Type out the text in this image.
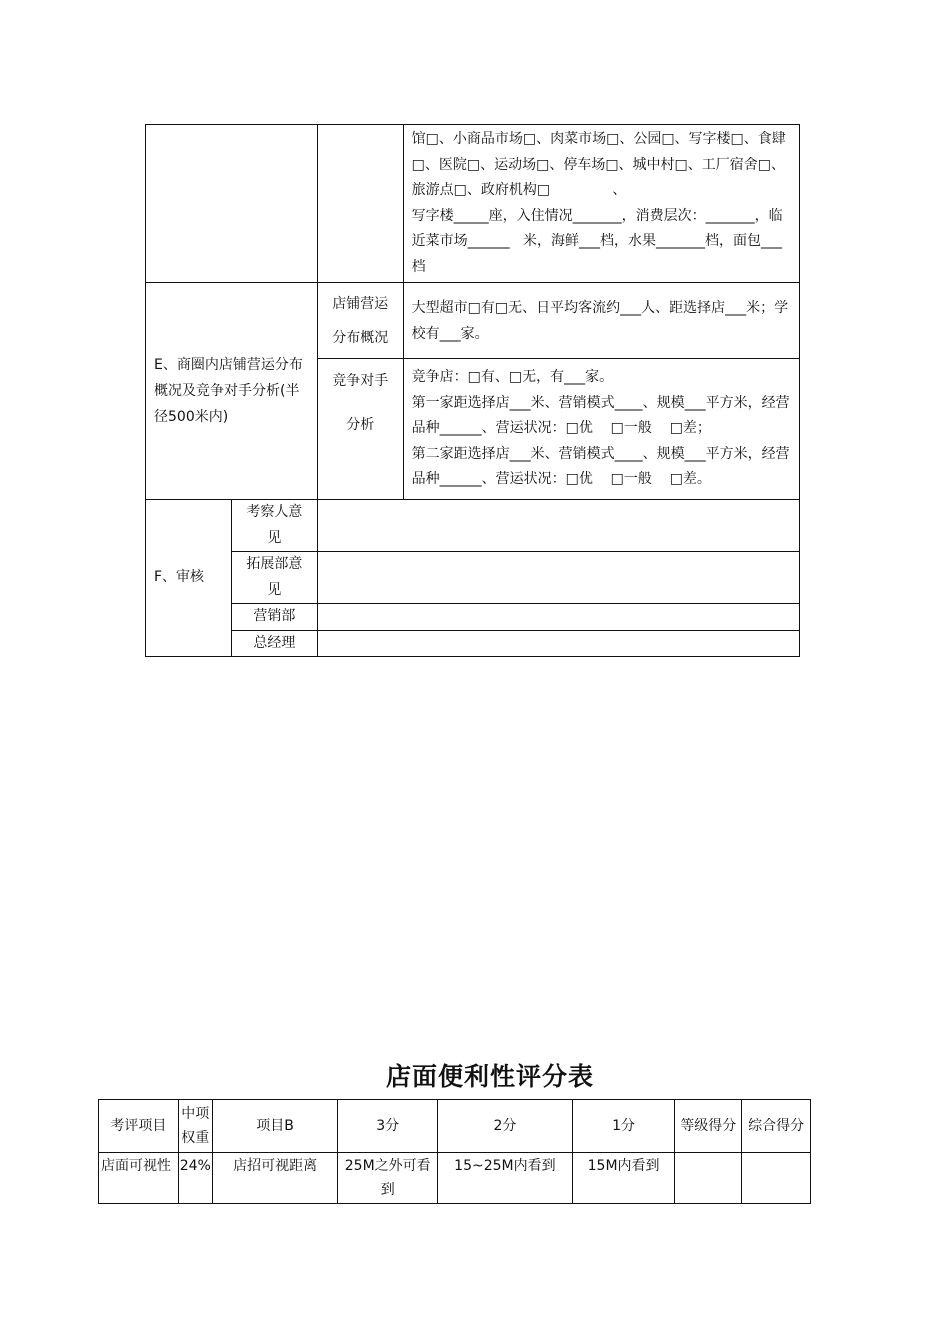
			馆□、小商品市场□、肉菜市场□、公园□、写字楼□、食肆□、医院□、运动场□、停车场□、城中村□、工厂宿舍□、旅游点□、政府机构□              、
写字楼_____座，入住情况_______，消费层次：_______，临近菜市场______   米，海鲜___档，水果_______档，面包___档

E、商圈内店铺营运分布概况及竞争对手分析(半径500米内)		店铺营运
分布概况	大型超市□有□无、日平均客流约___人、距选择店___米；学校有___家。

		竞争对手
分析	竞争店：□有、□无，有___家。
第一家距选择店___米、营销模式____、规模___平方米，经营品种______、营运状况：□优    □一般    □差；
第二家距选择店___米、营销模式____、规模___平方米，经营品种______、营运状况：□优    □一般    □差。

F、审核	考察人意见		

	拓展部意见		

	营销部		

	总经理		

店面便利性评分表
考评项目	中项权重	项目B	3分	2分	1分	等级得分	综合得分
店面可视性	24%	店招可视距离	25M之外可看到	15~25M内看到	15M内看到		
